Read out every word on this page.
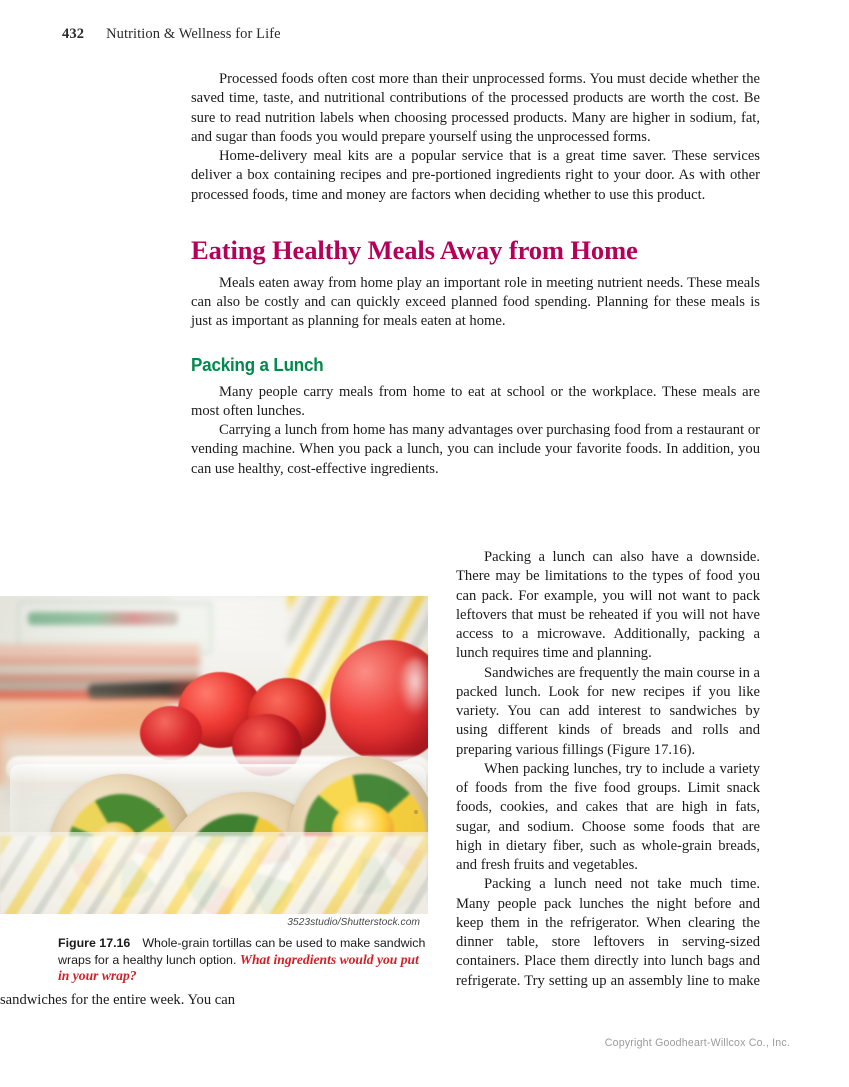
432 Nutrition & Wellness for Life

Processed foods often cost more than their unprocessed forms. You must decide whether the saved time, taste, and nutritional contributions of the processed products are worth the cost. Be sure to read nutrition labels when choosing processed products. Many are higher in sodium, fat, and sugar than foods you would prepare yourself using the unprocessed forms.

Home-delivery meal kits are a popular service that is a great time saver. These services deliver a box containing recipes and pre-portioned ingredients right to your door. As with other processed foods, time and money are factors when deciding whether to use this product.

Eating Healthy Meals Away from Home

Meals eaten away from home play an important role in meeting nutrient needs. These meals can also be costly and can quickly exceed planned food spending. Planning for these meals is just as important as planning for meals eaten at home.

Packing a Lunch

Many people carry meals from home to eat at school or the workplace. These meals are most often lunches.

Carrying a lunch from home has many advantages over purchasing food from a restaurant or vending machine. When you pack a lunch, you can include your favorite foods. In addition, you can use healthy, cost-effective ingredients.

3523studio/Shutterstock.com
Figure 17.16 Whole-grain tortillas can be used to make sandwich wraps for a healthy lunch option. What ingredients would you put in your wrap?

Packing a lunch can also have a downside. There may be limitations to the types of food you can pack. For example, you will not want to pack leftovers that must be reheated if you will not have access to a microwave. Additionally, packing a lunch requires time and planning.

Sandwiches are frequently the main course in a packed lunch. Look for new recipes if you like variety. You can add interest to sandwiches by using different kinds of breads and rolls and preparing various fillings (Figure 17.16).

When packing lunches, try to include a variety of foods from the five food groups. Limit snack foods, cookies, and cakes that are high in fats, sugar, and sodium. Choose some foods that are high in dietary fiber, such as whole-grain breads, and fresh fruits and vegetables.

Packing a lunch need not take much time. Many people pack lunches the night before and keep them in the refrigerator. When clearing the dinner table, store leftovers in serving-sized containers. Place them directly into lunch bags and refrigerate. Try setting up an assembly line to make sandwiches for the entire week. You can

Copyright Goodheart-Willcox Co., Inc.
